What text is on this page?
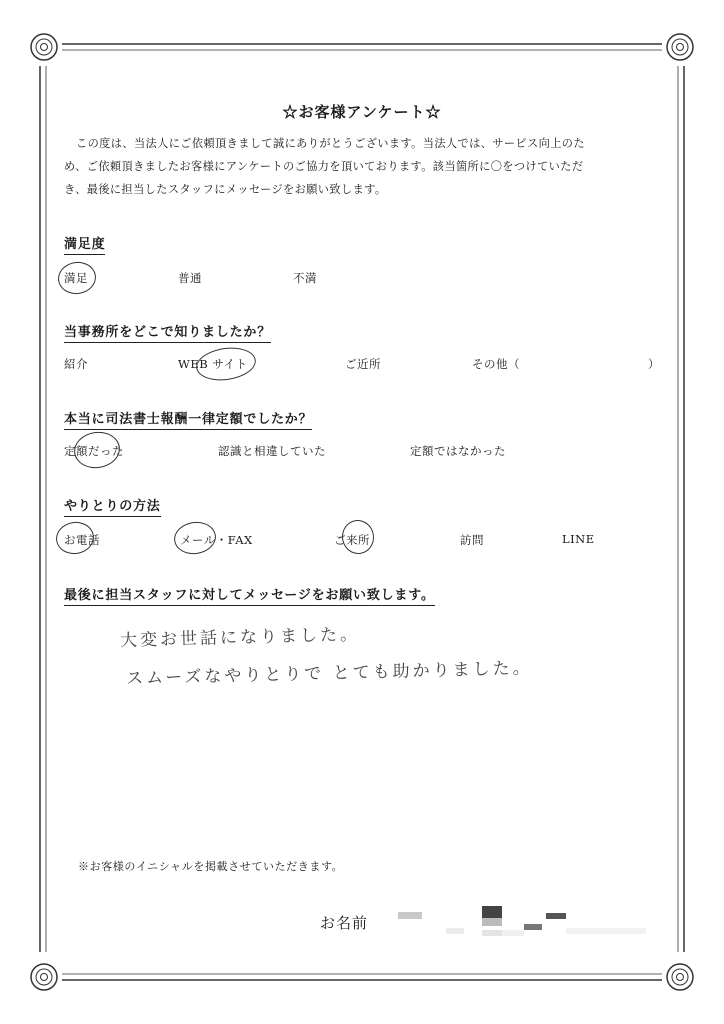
☆お客様アンケート☆
この度は、当法人にご依頼頂きまして誠にありがとうございます。当法人では、サービス向上のた
め、ご依頼頂きましたお客様にアンケートのご協力を頂いております。該当箇所に〇をつけていただ
き、最後に担当したスタッフにメッセージをお願い致します。
満足度
満足	普通	不満
当事務所をどこで知りましたか？
紹介	WEB サイト	ご近所	その他（	）
本当に司法書士報酬一律定額でしたか？
定額だった	認識と相違していた	定額ではなかった
やりとりの方法
お電話	メール・FAX	ご来所	訪問	LINE
最後に担当スタッフに対してメッセージをお願い致します。
大変お世話になりました。
スムーズなやりとりで とても助かりました。
※お客様のイニシャルを掲載させていただきます。
お名前
